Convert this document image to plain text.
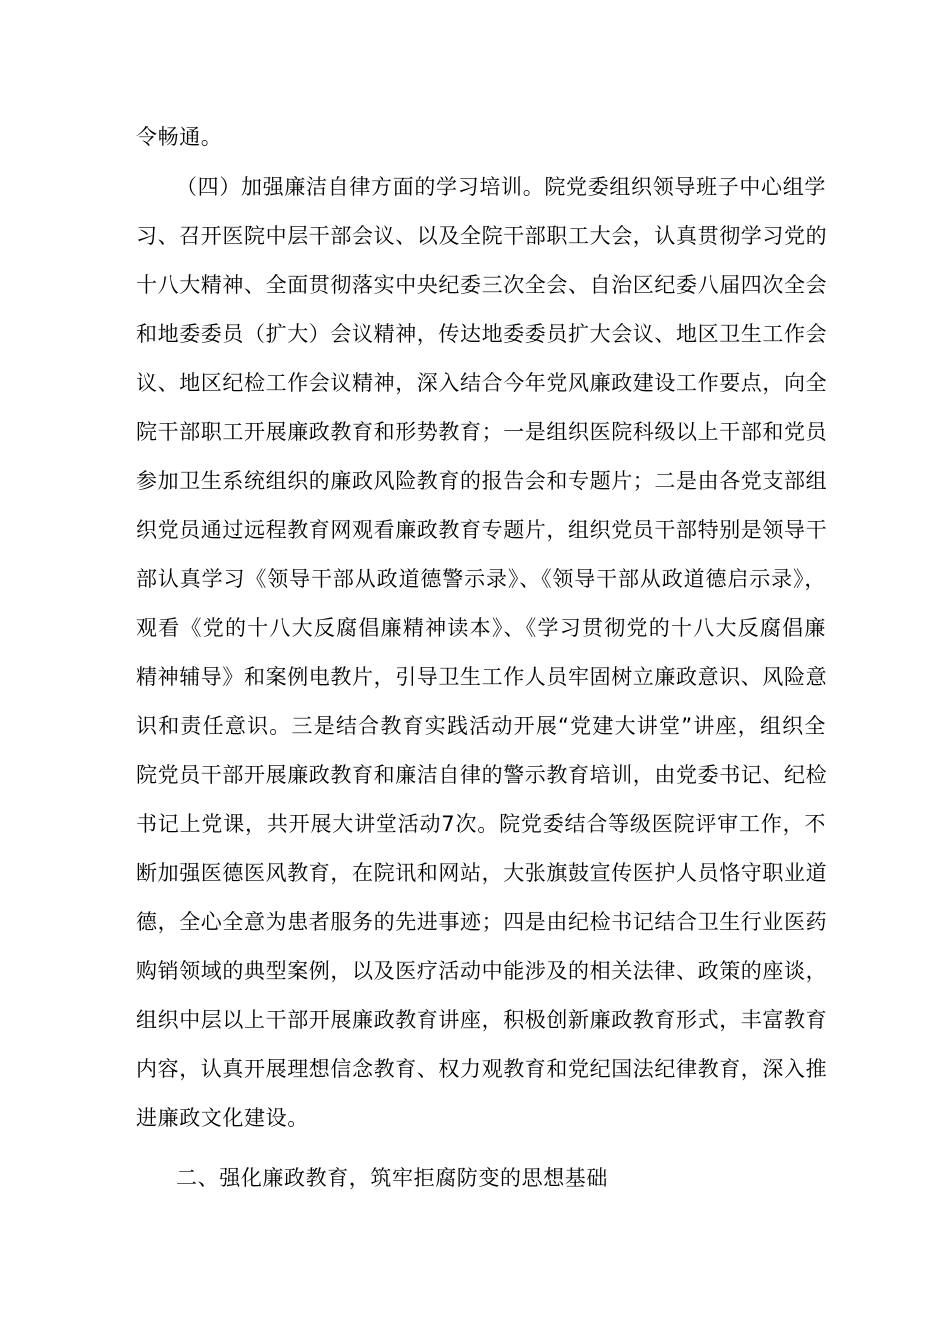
令畅通。
（四）加强廉洁自律方面的学习培训。院党委组织领导班子中心组学
习、召开医院中层干部会议、以及全院干部职工大会，认真贯彻学习党的
十八大精神、全面贯彻落实中央纪委三次全会、自治区纪委八届四次全会
和地委委员（扩大）会议精神，传达地委委员扩大会议、地区卫生工作会
议、地区纪检工作会议精神，深入结合今年党风廉政建设工作要点，向全
院干部职工开展廉政教育和形势教育；一是组织医院科级以上干部和党员
参加卫生系统组织的廉政风险教育的报告会和专题片；二是由各党支部组
织党员通过远程教育网观看廉政教育专题片，组织党员干部特别是领导干
部认真学习《领导干部从政道德警示录》、《领导干部从政道德启示录》，
观看《党的十八大反腐倡廉精神读本》、《学习贯彻党的十八大反腐倡廉
精神辅导》和案例电教片，引导卫生工作人员牢固树立廉政意识、风险意
识和责任意识。三是结合教育实践活动开展“党建大讲堂”讲座，组织全
院党员干部开展廉政教育和廉洁自律的警示教育培训，由党委书记、纪检
书记上党课，共开展大讲堂活动7次。院党委结合等级医院评审工作，不
断加强医德医风教育，在院讯和网站，大张旗鼓宣传医护人员恪守职业道
德，全心全意为患者服务的先进事迹；四是由纪检书记结合卫生行业医药
购销领域的典型案例，以及医疗活动中能涉及的相关法律、政策的座谈，
组织中层以上干部开展廉政教育讲座，积极创新廉政教育形式，丰富教育
内容，认真开展理想信念教育、权力观教育和党纪国法纪律教育，深入推
进廉政文化建设。
二、强化廉政教育，筑牢拒腐防变的思想基础
